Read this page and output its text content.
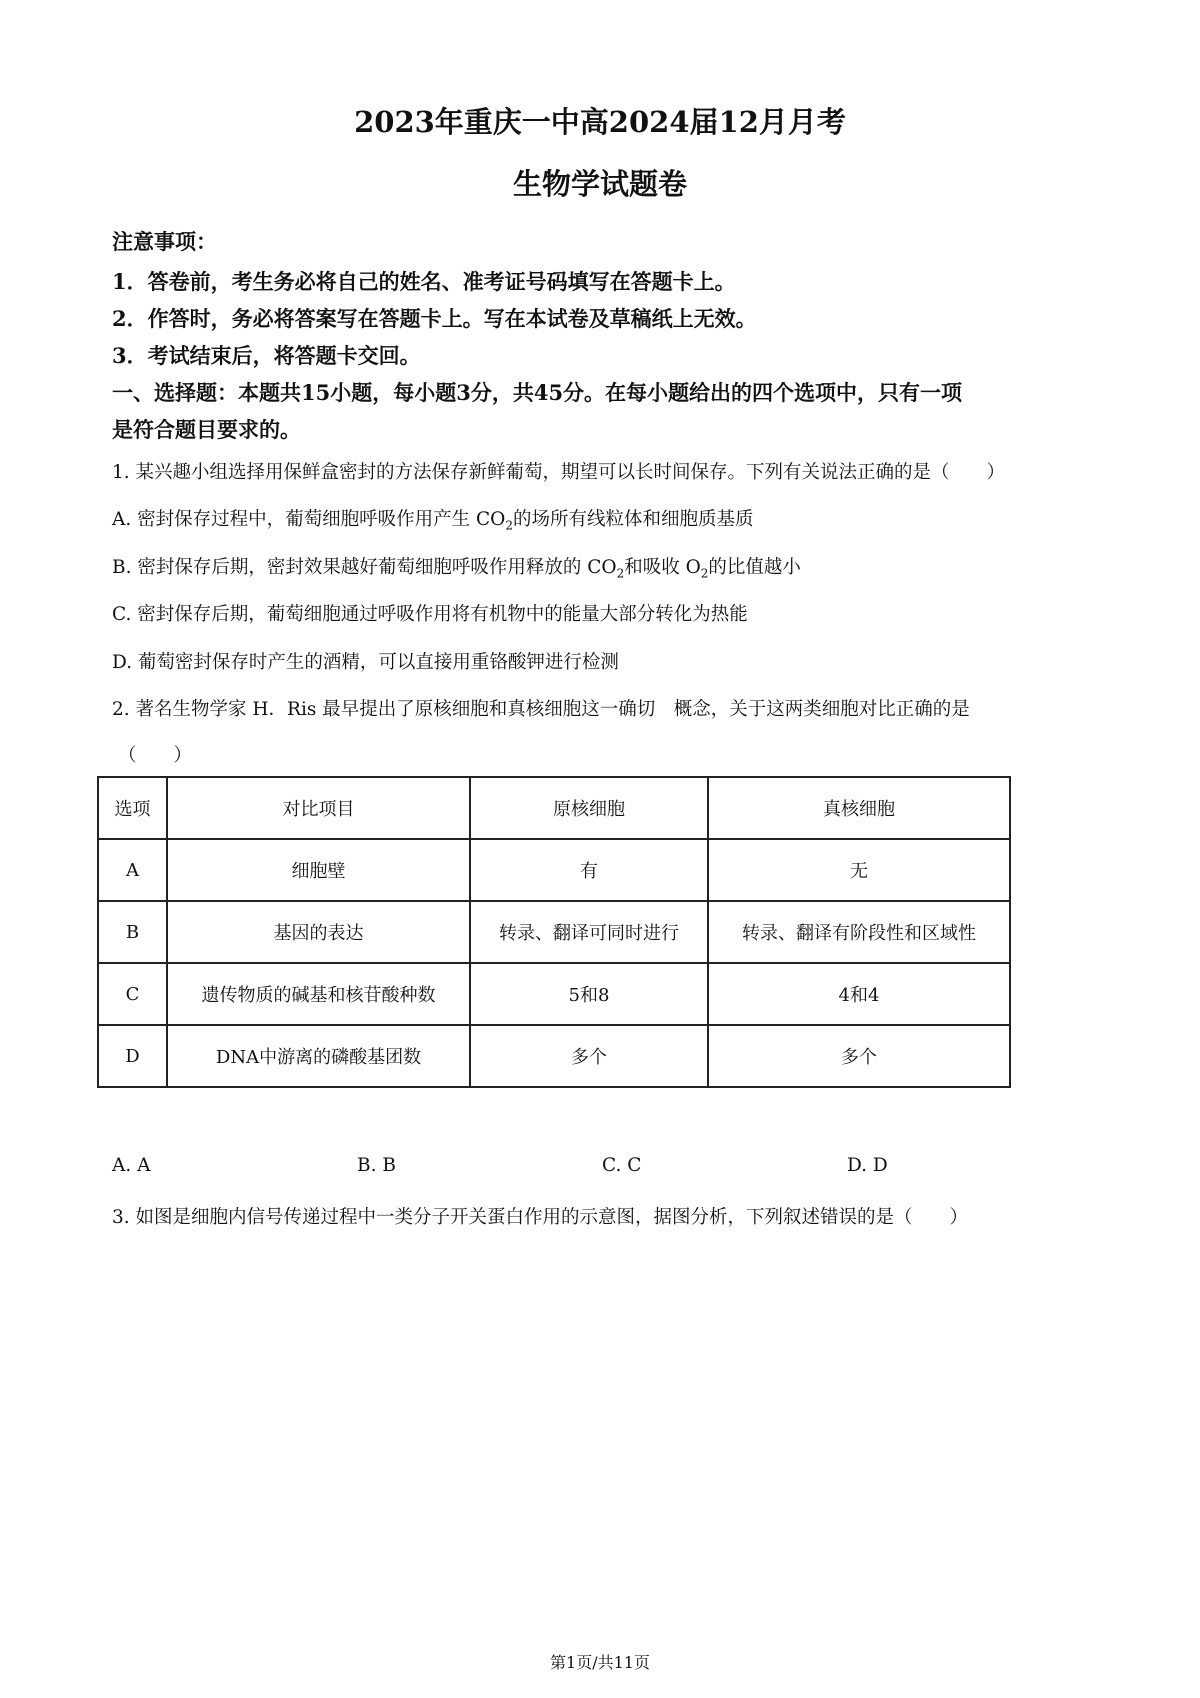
2023年重庆一中高2024届12月月考
生物学试题卷
注意事项：
1．答卷前，考生务必将自己的姓名、准考证号码填写在答题卡上。
2．作答时，务必将答案写在答题卡上。写在本试卷及草稿纸上无效。
3．考试结束后，将答题卡交回。
一、选择题：本题共15小题，每小题3分，共45分。在每小题给出的四个选项中，只有一项
是符合题目要求的。
1. 某兴趣小组选择用保鲜盒密封的方法保存新鲜葡萄，期望可以长时间保存。下列有关说法正确的是（　　）
A. 密封保存过程中，葡萄细胞呼吸作用产生 $CO_2$的场所有线粒体和细胞质基质
B. 密封保存后期，密封效果越好葡萄细胞呼吸作用释放的 $CO_2$和吸收 $O_2$的比值越小
C. 密封保存后期，葡萄细胞通过呼吸作用将有机物中的能量大部分转化为热能
D. 葡萄密封保存时产生的酒精，可以直接用重铬酸钾进行检测
2. 著名生物学家 H．Ris 最早提出了原核细胞和真核细胞这一确切　概念，关于这两类细胞对比正确的是
（　　）
选项	对比项目	原核细胞	真核细胞
A	细胞壁	有	无
B	基因的表达	转录、翻译可同时进行	转录、翻译有阶段性和区域性
C	遗传物质的碱基和核苷酸种数	5和8	4和4
D	DNA中游离的磷酸基团数	多个	多个
A. A	B. B	C. C	D. D
3. 如图是细胞内信号传递过程中一类分子开关蛋白作用的示意图，据图分析，下列叙述错误的是（　　）
第1页/共11页
